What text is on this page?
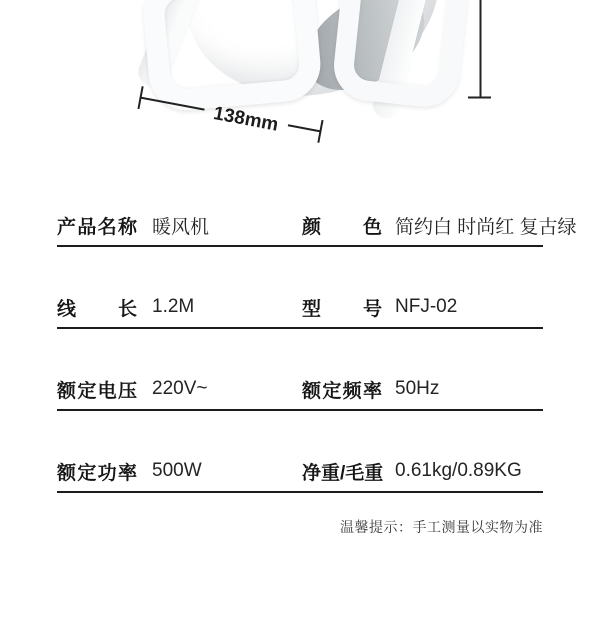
138mm
产品名称 暖风机	颜色 简约白 时尚红 复古绿
线长 1.2M	型号 NFJ-02
额定电压 220V~	额定频率 50Hz
额定功率 500W	净重/毛重 0.61kg/0.89KG
温馨提示：手工测量以实物为准
